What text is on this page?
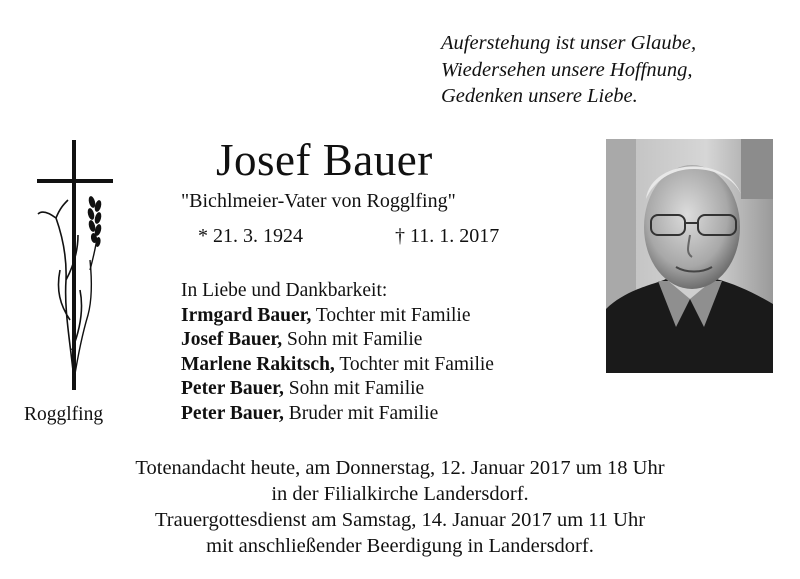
Auferstehung ist unser Glaube,
Wiedersehen unsere Hoffnung,
Gedenken unsere Liebe.
Josef Bauer
"Bichlmeier-Vater von Rogglfing"
* 21. 3. 1924	† 11. 1. 2017
In Liebe und Dankbarkeit:
Irmgard Bauer, Tochter mit Familie
Josef Bauer, Sohn mit Familie
Marlene Rakitsch, Tochter mit Familie
Peter Bauer, Sohn mit Familie
Peter Bauer, Bruder mit Familie
Rogglfing
Totenandacht heute, am Donnerstag, 12. Januar 2017 um 18 Uhr
in der Filialkirche Landersdorf.
Trauergottesdienst am Samstag, 14. Januar 2017 um 11 Uhr
mit anschließender Beerdigung in Landersdorf.
